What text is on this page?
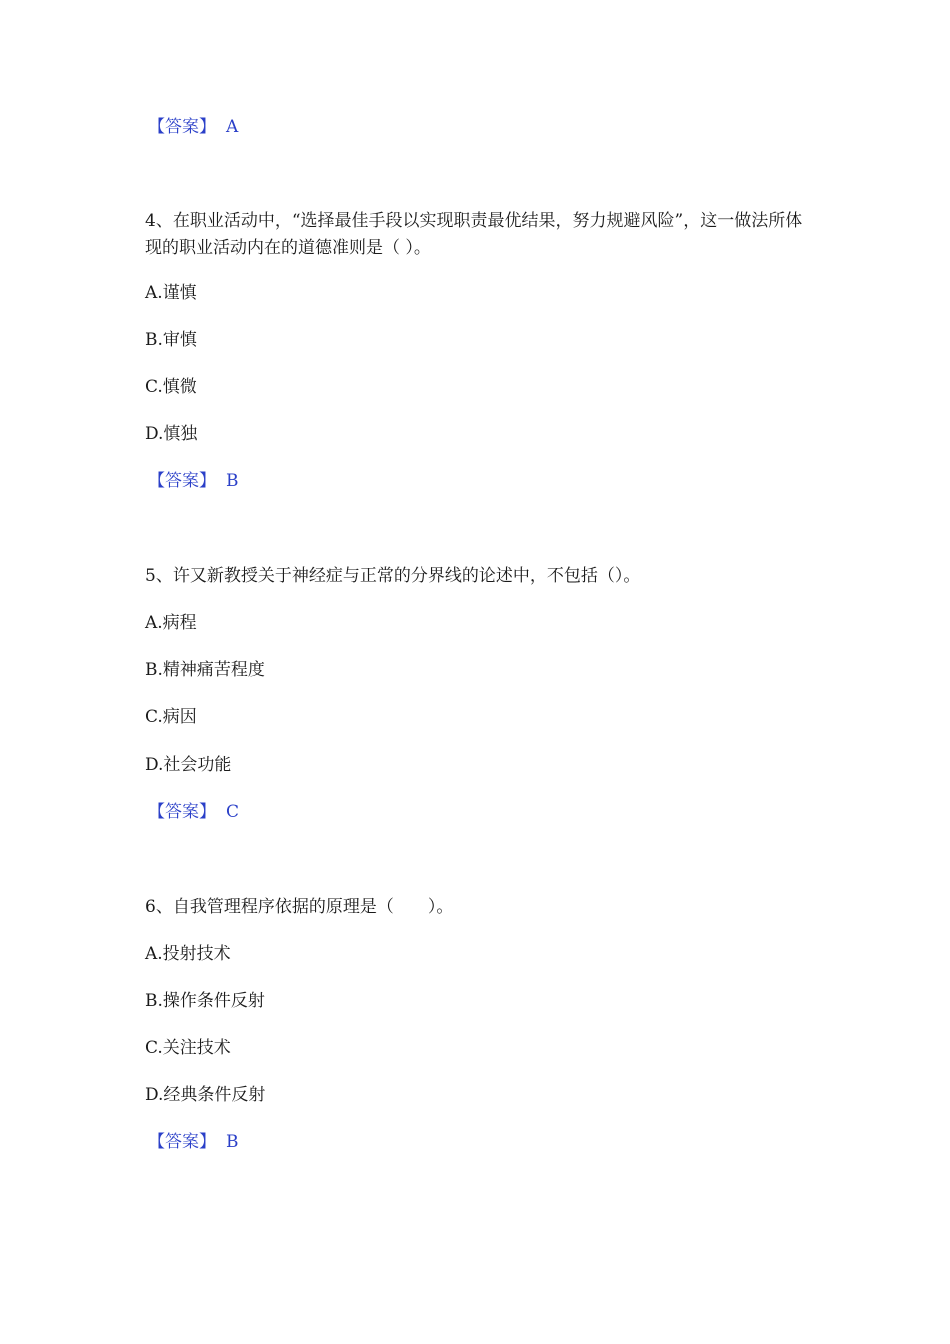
【答案】 A
4、在职业活动中，“选择最佳手段以实现职责最优结果，努力规避风险”，这一做法所体现的职业活动内在的道德准则是（ ）。
A.谨慎
B.审慎
C.慎微
D.慎独
【答案】 B
5、许又新教授关于神经症与正常的分界线的论述中，不包括（）。
A.病程
B.精神痛苦程度
C.病因
D.社会功能
【答案】 C
6、自我管理程序依据的原理是（　　）。
A.投射技术
B.操作条件反射
C.关注技术
D.经典条件反射
【答案】 B
